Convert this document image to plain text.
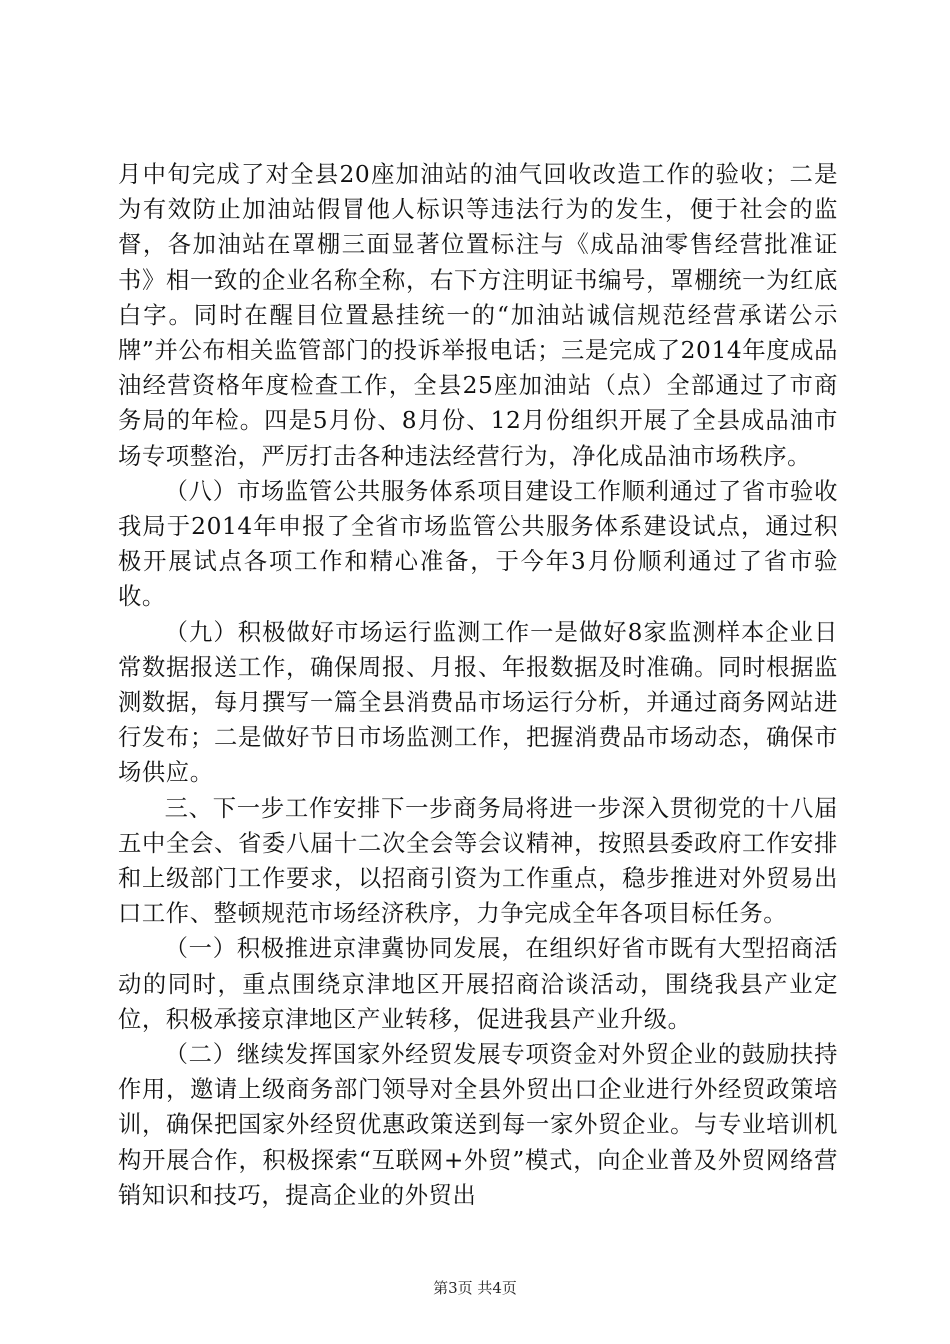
月中旬完成了对全县20座加油站的油气回收改造工作的验收；二是为有效防止加油站假冒他人标识等违法行为的发生，便于社会的监督，各加油站在罩棚三面显著位置标注与《成品油零售经营批准证书》相一致的企业名称全称，右下方注明证书编号，罩棚统一为红底白字。同时在醒目位置悬挂统一的“加油站诚信规范经营承诺公示牌”并公布相关监管部门的投诉举报电话；三是完成了2014年度成品油经营资格年度检查工作，全县25座加油站（点）全部通过了市商务局的年检。四是5月份、8月份、12月份组织开展了全县成品油市场专项整治，严厉打击各种违法经营行为，净化成品油市场秩序。

（八）市场监管公共服务体系项目建设工作顺利通过了省市验收我局于2014年申报了全省市场监管公共服务体系建设试点，通过积极开展试点各项工作和精心准备，于今年3月份顺利通过了省市验收。

（九）积极做好市场运行监测工作一是做好8家监测样本企业日常数据报送工作，确保周报、月报、年报数据及时准确。同时根据监测数据，每月撰写一篇全县消费品市场运行分析，并通过商务网站进行发布；二是做好节日市场监测工作，把握消费品市场动态，确保市场供应。

三、下一步工作安排下一步商务局将进一步深入贯彻党的十八届五中全会、省委八届十二次全会等会议精神，按照县委政府工作安排和上级部门工作要求，以招商引资为工作重点，稳步推进对外贸易出口工作、整顿规范市场经济秩序，力争完成全年各项目标任务。

（一）积极推进京津冀协同发展，在组织好省市既有大型招商活动的同时，重点围绕京津地区开展招商洽谈活动，围绕我县产业定位，积极承接京津地区产业转移，促进我县产业升级。

（二）继续发挥国家外经贸发展专项资金对外贸企业的鼓励扶持作用，邀请上级商务部门领导对全县外贸出口企业进行外经贸政策培训，确保把国家外经贸优惠政策送到每一家外贸企业。与专业培训机构开展合作，积极探索“互联网+外贸”模式，向企业普及外贸网络营销知识和技巧，提高企业的外贸出

第3页 共4页
